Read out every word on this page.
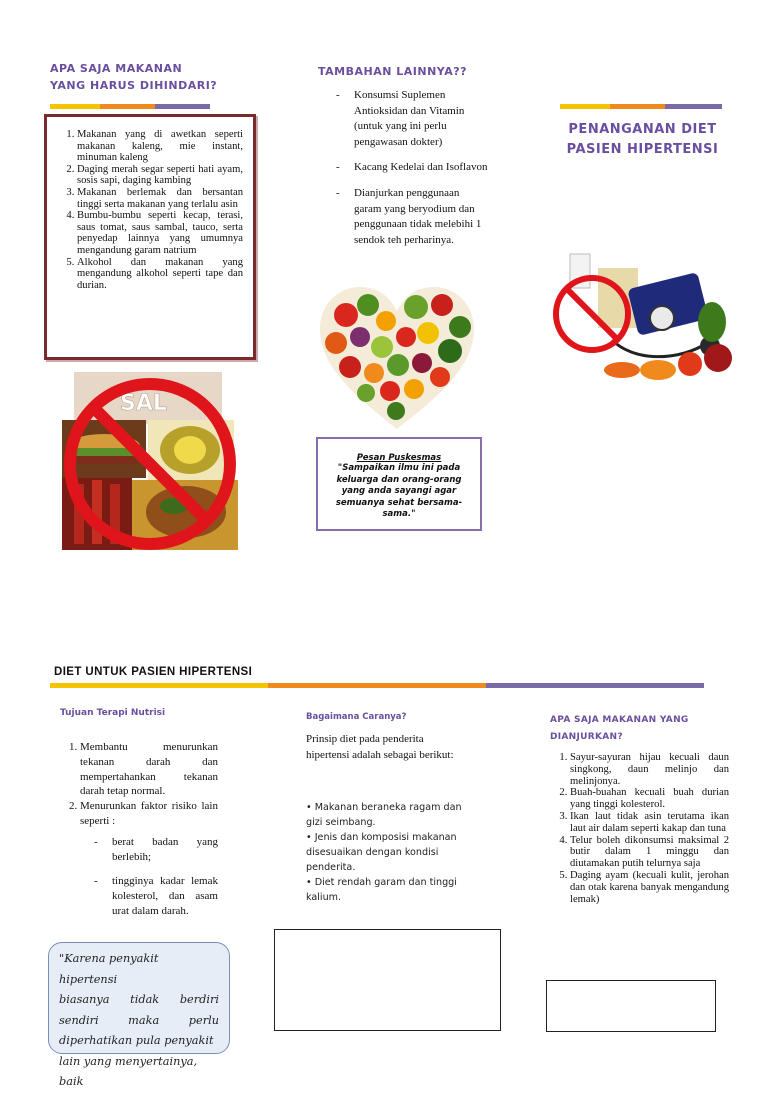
APA SAJA MAKANAN YANG HARUS DIHINDARI?
1. Makanan yang di awetkan seperti makanan kaleng, mie instant, minuman kaleng
2. Daging merah segar seperti hati ayam, sosis sapi, daging kambing
3. Makanan berlemak dan bersantan tinggi serta makanan yang terlalu asin
4. Bumbu-bumbu seperti kecap, terasi, saus tomat, saus sambal, tauco, serta penyedap lainnya yang umumnya mengandung garam natrium
5. Alkohol dan makanan yang mengandung alkohol seperti tape dan durian.
SAL
TAMBAHAN LAINNYA??
- Konsumsi Suplemen Antioksidan dan Vitamin (untuk yang ini perlu pengawasan dokter)
- Kacang Kedelai dan Isoflavon
- Dianjurkan penggunaan garam yang beryodium dan penggunaan tidak melebihi 1 sendok teh perharinya.
Pesan Puskesmas
"Sampaikan ilmu ini pada keluarga dan orang-orang yang anda sayangi agar semuanya sehat bersama-sama."
PENANGANAN DIET PASIEN HIPERTENSI
DIET UNTUK PASIEN HIPERTENSI
Tujuan Terapi Nutrisi
1. Membantu menurunkan tekanan darah dan mempertahankan tekanan darah tetap normal.
2. Menurunkan faktor risiko lain seperti :
- berat badan yang berlebih;
- tingginya kadar lemak kolesterol, dan asam urat dalam darah.
"Karena penyakit hipertensi
biasanya tidak berdiri
sendiri maka perlu
diperhatikan pula penyakit
lain yang menyertainya, baik
Bagaimana Caranya?
Prinsip diet pada penderita hipertensi adalah sebagai berikut:
• Makanan beraneka ragam dan gizi seimbang.
• Jenis dan komposisi makanan disesuaikan dengan kondisi penderita.
• Diet rendah garam dan tinggi kalium.
APA SAJA MAKANAN YANG DIANJURKAN?
1. Sayur-sayuran hijau kecuali daun singkong, daun melinjo dan melinjonya.
2. Buah-buahan kecuali buah durian yang tinggi kolesterol.
3. Ikan laut tidak asin terutama ikan laut air dalam seperti kakap dan tuna
4. Telur boleh dikonsumsi maksimal 2 butir dalam 1 minggu dan diutamakan putih telurnya saja
5. Daging ayam (kecuali kulit, jerohan dan otak karena banyak mengandung lemak)
